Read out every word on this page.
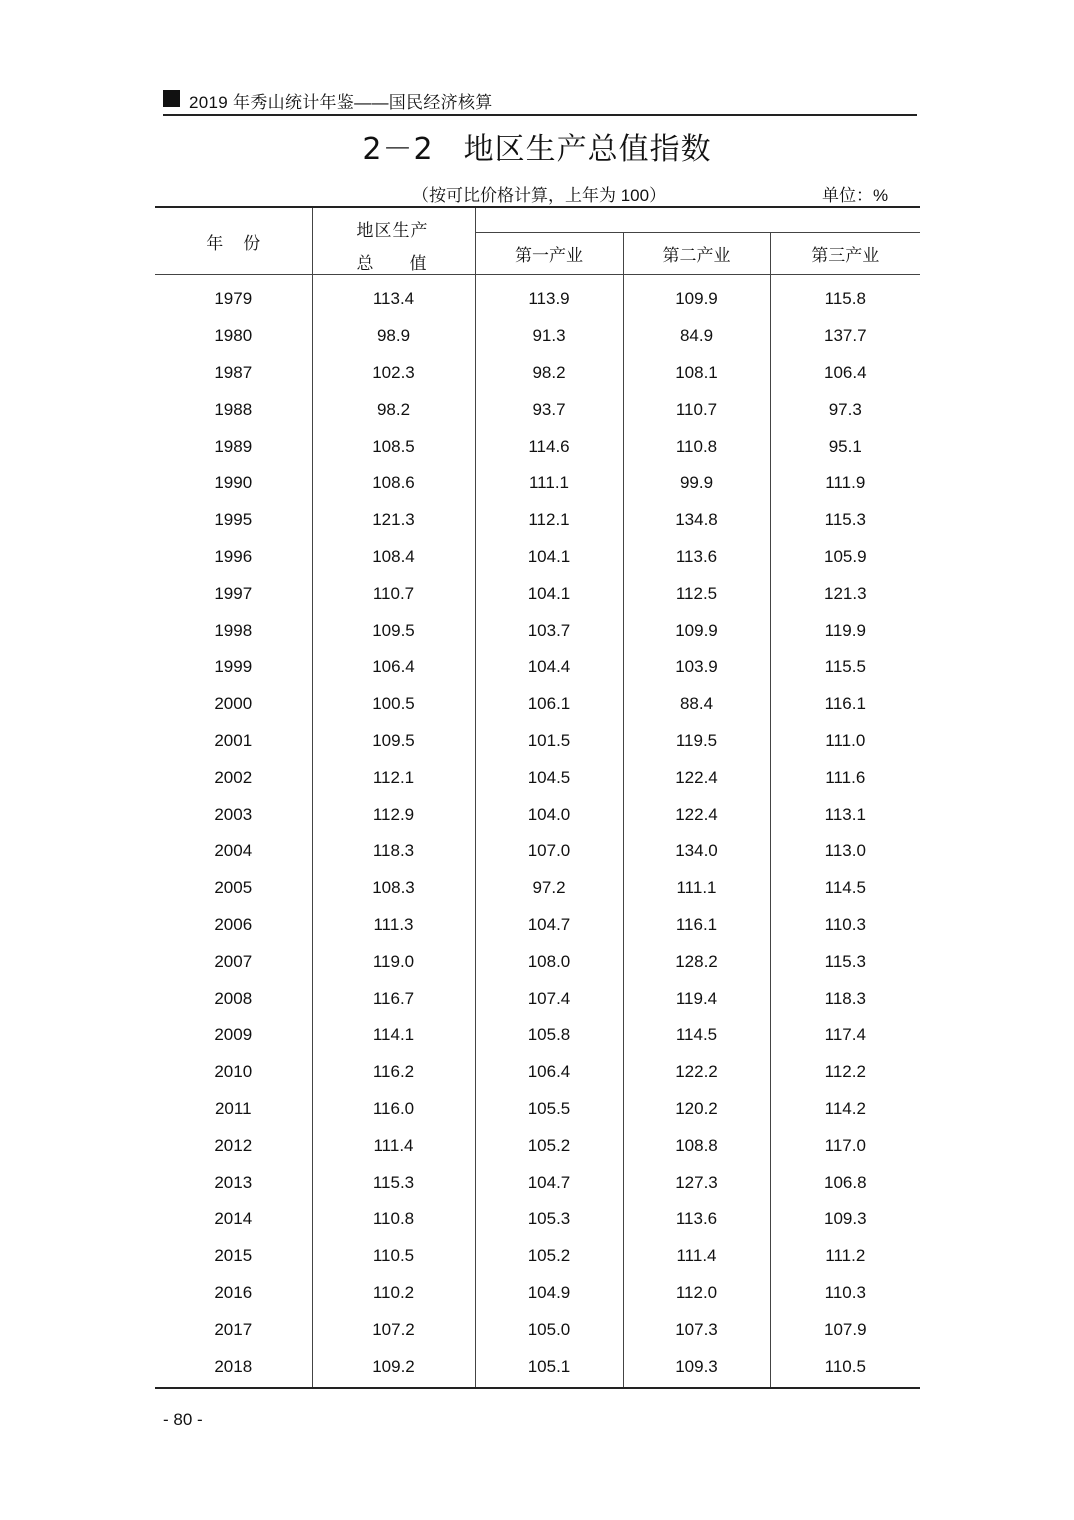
2019 年秀山统计年鉴——国民经济核算
2－2 地区生产总值指数
（按可比价格计算，上年为 100）	单位：%
年份	地区生产
总 值			

		第一产业	第二产业	第三产业
1979	113.4	113.9	109.9	115.8
1980	98.9	91.3	84.9	137.7
1987	102.3	98.2	108.1	106.4
1988	98.2	93.7	110.7	97.3
1989	108.5	114.6	110.8	95.1
1990	108.6	111.1	99.9	111.9
1995	121.3	112.1	134.8	115.3
1996	108.4	104.1	113.6	105.9
1997	110.7	104.1	112.5	121.3
1998	109.5	103.7	109.9	119.9
1999	106.4	104.4	103.9	115.5
2000	100.5	106.1	88.4	116.1
2001	109.5	101.5	119.5	111.0
2002	112.1	104.5	122.4	111.6
2003	112.9	104.0	122.4	113.1
2004	118.3	107.0	134.0	113.0
2005	108.3	97.2	111.1	114.5
2006	111.3	104.7	116.1	110.3
2007	119.0	108.0	128.2	115.3
2008	116.7	107.4	119.4	118.3
2009	114.1	105.8	114.5	117.4
2010	116.2	106.4	122.2	112.2
2011	116.0	105.5	120.2	114.2
2012	111.4	105.2	108.8	117.0
2013	115.3	104.7	127.3	106.8
2014	110.8	105.3	113.6	109.3
2015	110.5	105.2	111.4	111.2
2016	110.2	104.9	112.0	110.3
2017	107.2	105.0	107.3	107.9
2018	109.2	105.1	109.3	110.5
- 80 -
